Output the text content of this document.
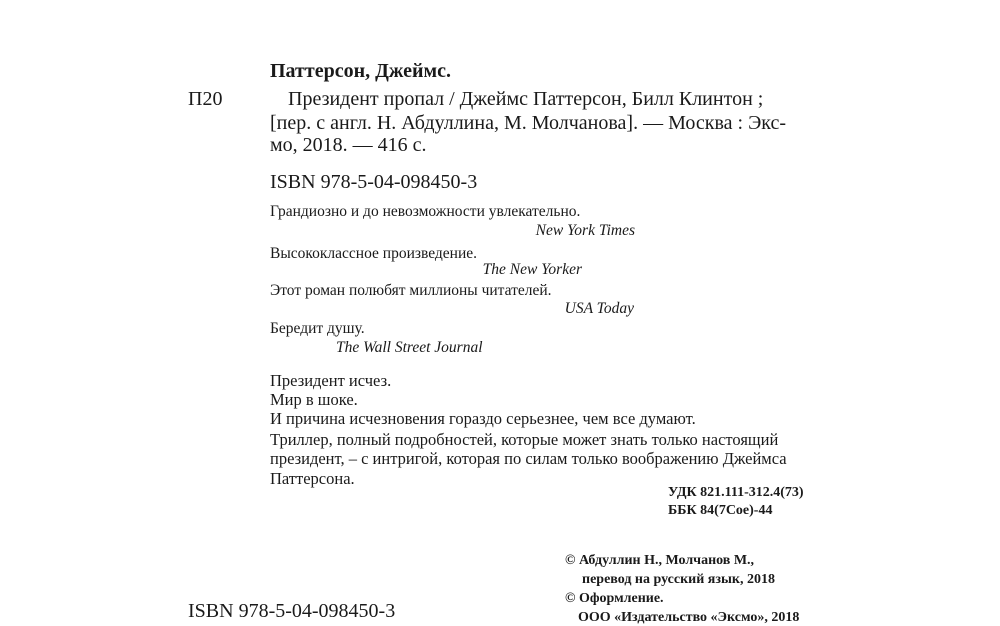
Паттерсон, Джеймс.
П20	Президент пропал / Джеймс Паттерсон, Билл Клинтон ;
[пер. с англ. Н. Абдуллина, М. Молчанова]. — Москва : Экс-
мо, 2018. — 416 с.
ISBN 978-5-04-098450-3
Грандиозно и до невозможности увлекательно.
New York Times
Высококлассное произведение.
The New Yorker
Этот роман полюбят миллионы читателей.
USA Today
Бередит душу.
The Wall Street Journal
Президент исчез.
Мир в шоке.
И причина исчезновения гораздо серьезнее, чем все думают.
Триллер, полный подробностей, которые может знать только настоящий
президент, – с интригой, которая по силам только воображению Джеймса
Паттерсона.
УДК 821.111-312.4(73)
ББК 84(7Сое)-44
© Абдуллин Н., Молчанов М.,
перевод на русский язык, 2018
© Оформление.
ООО «Издательство «Эксмо», 2018
ISBN 978-5-04-098450-3
